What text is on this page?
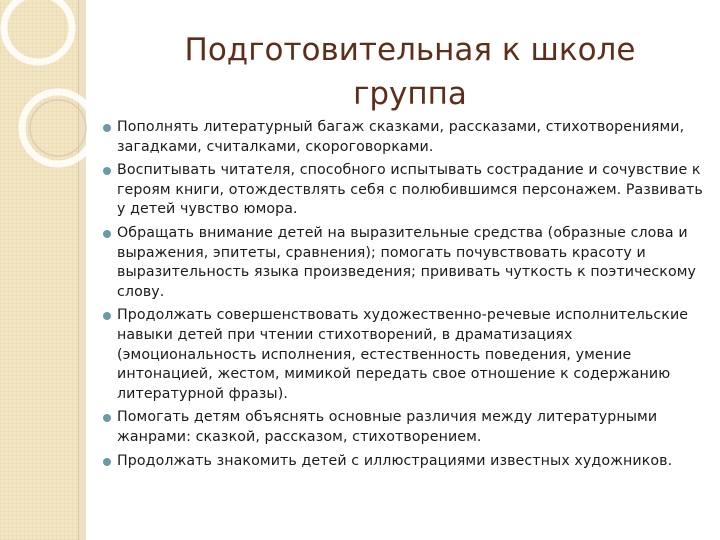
Подготовительная к школе группа
Пополнять литературный багаж сказками, рассказами, стихотворениями, загадками, считалками, скороговорками.
Воспитывать читателя, способного испытывать сострадание и сочувствие к героям книги, отождествлять себя с полюбившимся персонажем. Развивать у детей чувство юмора.
Обращать внимание детей на выразительные средства (образные слова и выражения, эпитеты, сравнения); помогать почувствовать красоту и выразительность языка произведения; прививать чуткость к поэтическому слову.
Продолжать совершенствовать художественно-речевые исполнительские навыки детей при чтении стихотворений, в драматизациях (эмоциональность исполнения, естественность поведения, умение интонацией, жестом, мимикой передать свое отношение к содержанию литературной фразы).
Помогать детям объяснять основные различия между литературными жанрами: сказкой, рассказом, стихотворением.
Продолжать знакомить детей с иллюстрациями известных художников.
